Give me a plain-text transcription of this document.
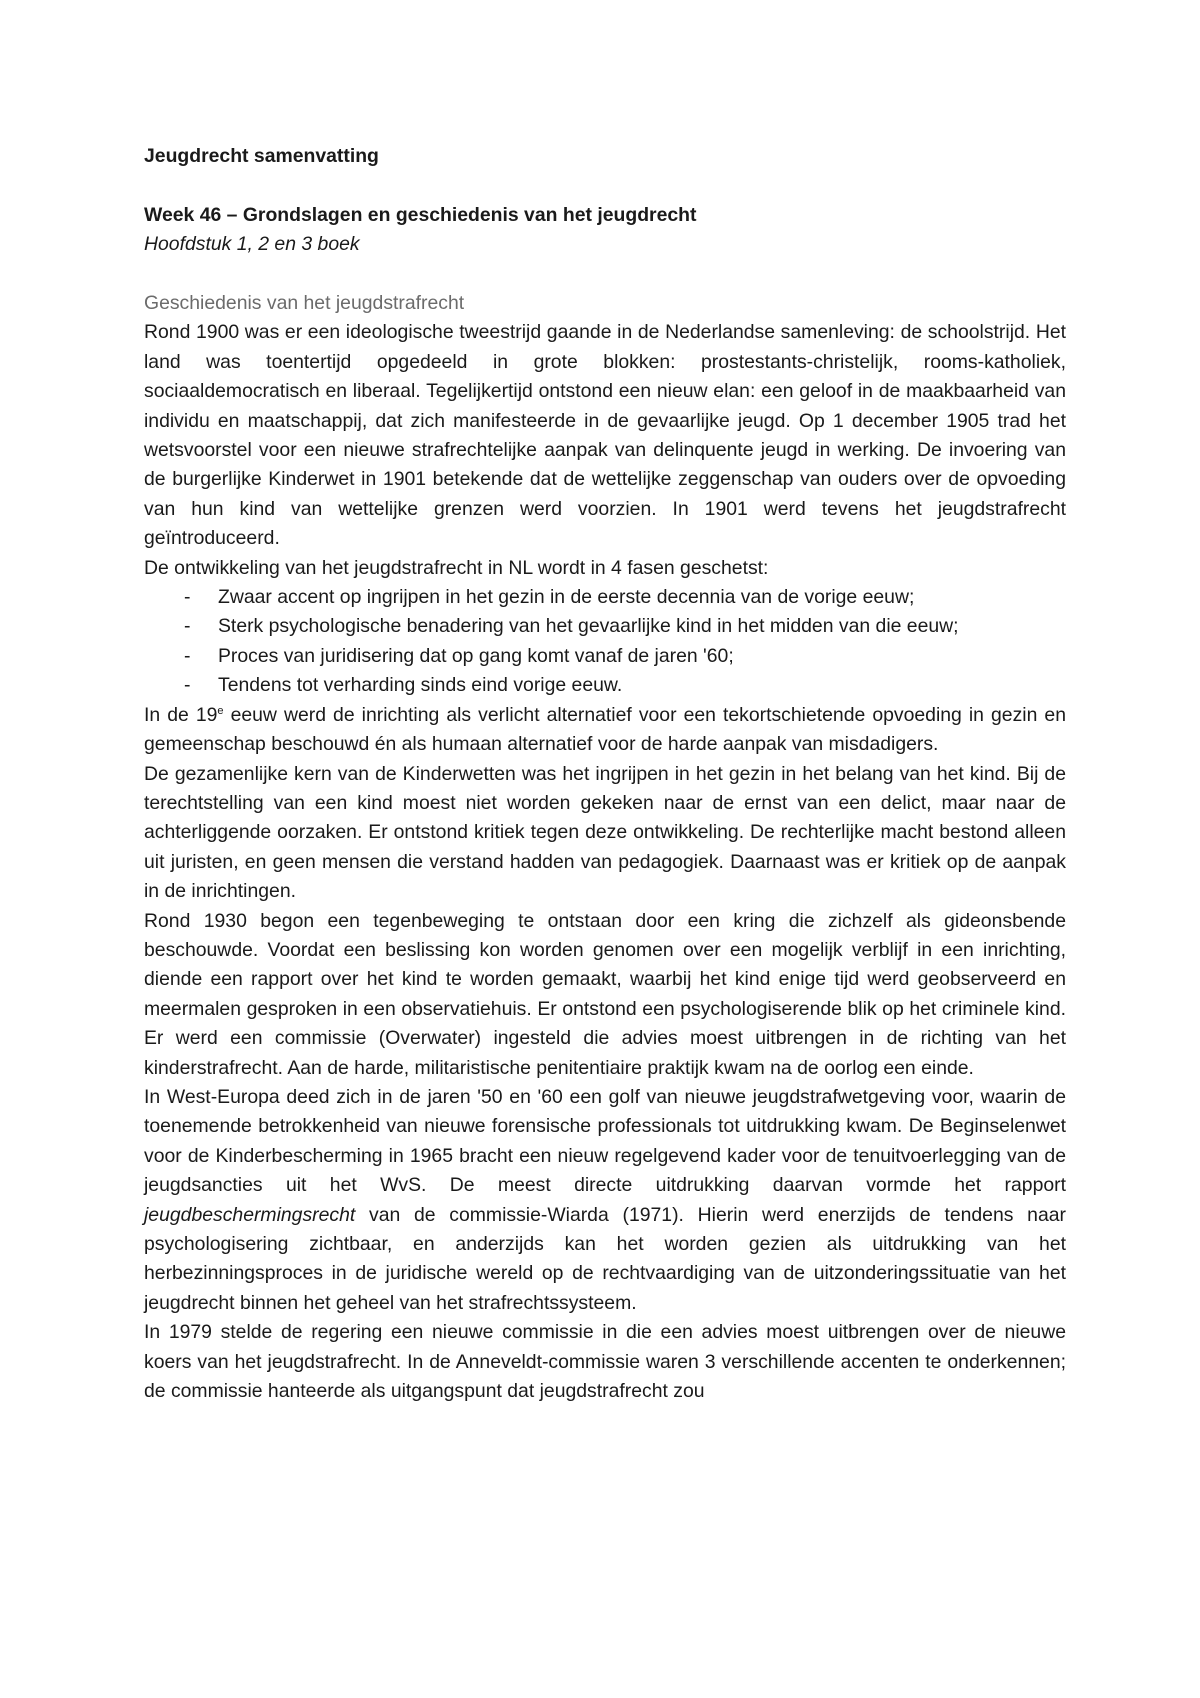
Jeugdrecht samenvatting

Week 46 – Grondslagen en geschiedenis van het jeugdrecht

Hoofdstuk 1, 2 en 3 boek

Geschiedenis van het jeugdstrafrecht

Rond 1900 was er een ideologische tweestrijd gaande in de Nederlandse samenleving: de schoolstrijd. Het land was toentertijd opgedeeld in grote blokken: prostestants-christelijk, rooms-katholiek, sociaaldemocratisch en liberaal. Tegelijkertijd ontstond een nieuw elan: een geloof in de maakbaarheid van individu en maatschappij, dat zich manifesteerde in de gevaarlijke jeugd. Op 1 december 1905 trad het wetsvoorstel voor een nieuwe strafrechtelijke aanpak van delinquente jeugd in werking. De invoering van de burgerlijke Kinderwet in 1901 betekende dat de wettelijke zeggenschap van ouders over de opvoeding van hun kind van wettelijke grenzen werd voorzien. In 1901 werd tevens het jeugdstrafrecht geïntroduceerd.

De ontwikkeling van het jeugdstrafrecht in NL wordt in 4 fasen geschetst:

- Zwaar accent op ingrijpen in het gezin in de eerste decennia van de vorige eeuw;
- Sterk psychologische benadering van het gevaarlijke kind in het midden van die eeuw;
- Proces van juridisering dat op gang komt vanaf de jaren '60;
- Tendens tot verharding sinds eind vorige eeuw.

In de 19e eeuw werd de inrichting als verlicht alternatief voor een tekortschietende opvoeding in gezin en gemeenschap beschouwd én als humaan alternatief voor de harde aanpak van misdadigers.

De gezamenlijke kern van de Kinderwetten was het ingrijpen in het gezin in het belang van het kind. Bij de terechtstelling van een kind moest niet worden gekeken naar de ernst van een delict, maar naar de achterliggende oorzaken. Er ontstond kritiek tegen deze ontwikkeling. De rechterlijke macht bestond alleen uit juristen, en geen mensen die verstand hadden van pedagogiek. Daarnaast was er kritiek op de aanpak in de inrichtingen.

Rond 1930 begon een tegenbeweging te ontstaan door een kring die zichzelf als gideonsbende beschouwde. Voordat een beslissing kon worden genomen over een mogelijk verblijf in een inrichting, diende een rapport over het kind te worden gemaakt, waarbij het kind enige tijd werd geobserveerd en meermalen gesproken in een observatiehuis. Er ontstond een psychologiserende blik op het criminele kind. Er werd een commissie (Overwater) ingesteld die advies moest uitbrengen in de richting van het kinderstrafrecht. Aan de harde, militaristische penitentiaire praktijk kwam na de oorlog een einde.

In West-Europa deed zich in de jaren '50 en '60 een golf van nieuwe jeugdstrafwetgeving voor, waarin de toenemende betrokkenheid van nieuwe forensische professionals tot uitdrukking kwam. De Beginselenwet voor de Kinderbescherming in 1965 bracht een nieuw regelgevend kader voor de tenuitvoerlegging van de jeugdsancties uit het WvS. De meest directe uitdrukking daarvan vormde het rapport jeugdbeschermingsrecht van de commissie-Wiarda (1971). Hierin werd enerzijds de tendens naar psychologisering zichtbaar, en anderzijds kan het worden gezien als uitdrukking van het herbezinningsproces in de juridische wereld op de rechtvaardiging van de uitzonderingssituatie van het jeugdrecht binnen het geheel van het strafrechtssysteem.

In 1979 stelde de regering een nieuwe commissie in die een advies moest uitbrengen over de nieuwe koers van het jeugdstrafrecht. In de Anneveldt-commissie waren 3 verschillende accenten te onderkennen; de commissie hanteerde als uitgangspunt dat jeugdstrafrecht zou
